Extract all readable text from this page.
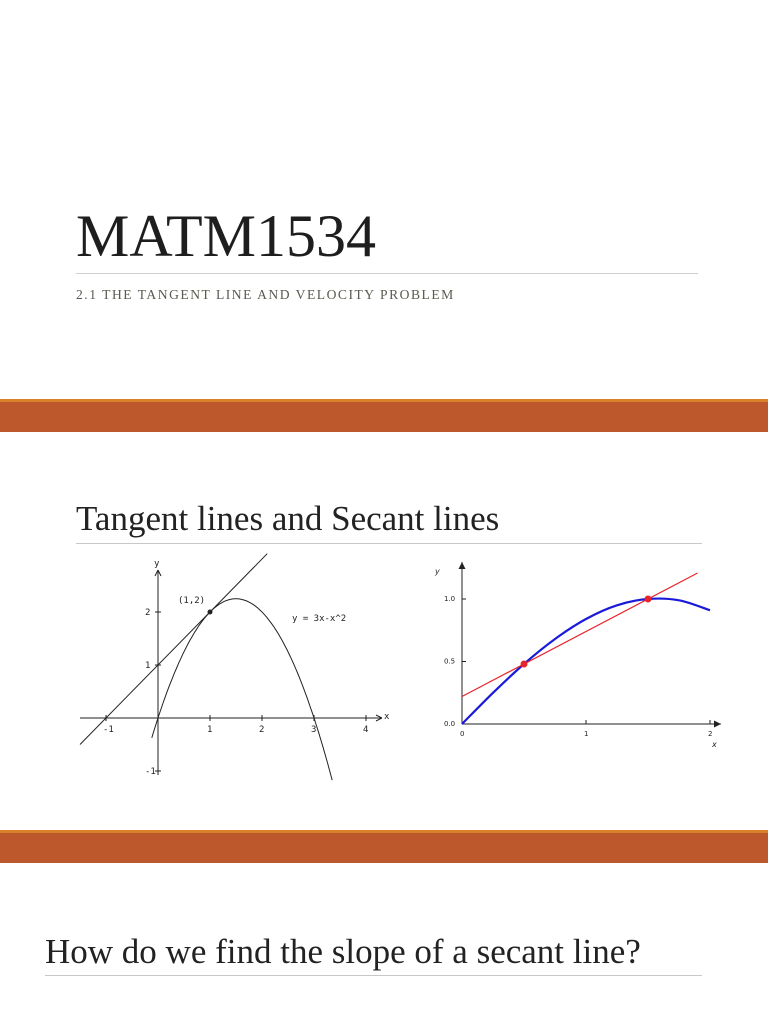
MATM1534
2.1 THE TANGENT LINE AND VELOCITY PROBLEM
Tangent lines and Secant lines
-1	1	2	3	4
-1
1
2
y
x
(1,2)
y = 3x-x^2
0	1	2
0.0
0.5
1.0
y
x
How do we find the slope of a secant line?
